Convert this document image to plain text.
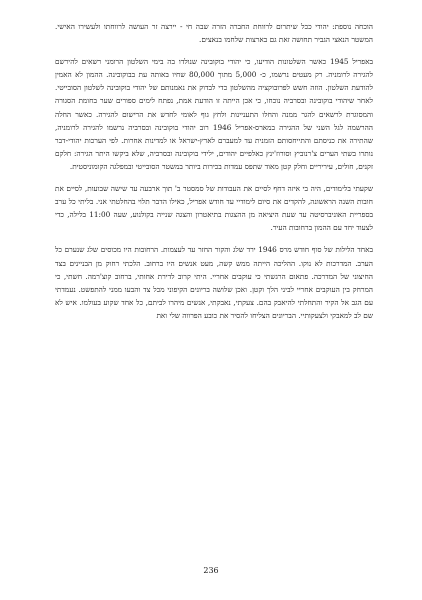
הוכחה נוספת: יהודי ככל שיתרום לרווחת החברה הזרה שבה חי - יירצה זר העושה לרווחתו ולעשירו האישי. המשטר הנאצי הגביר תחושה זאת גם בארצות שלחמו בנאצים.

באפריל 1945 כאשר השלטונות הודיעו, כי יהודי בוקובינה שנולדו בה בימי השלטון הרומני רשאים להירשם להגירה לרומניה. רק מעטים נרשמו, כ- 5,000 מתוך 80,000 שחיו באותה עת בבוקובינה. ההמון לא האמין להודעת השלטון. הוזה חשש לפרובוקציה מהשלטון כדי לבדוק את נאמנותם של יהודי בוקובינה לשלטון הסובייטי. לאחר שיהודי בוקובינה ובסרביה נוכחו, כי אכן הייתה זו הודעת אמת, נפתח לימים ספורים שער בחומת הסגורה והמסוגרת לרשאים להגר ממנה והחלו התעניינות ולחץ גוף לאומי לחדש את הרישום להגירה. כאשר החלה ההרשמה לגל השני של ההגירה במארס-אפריל 1946 רוב יהודי בוקובינה ובסרביה נרשמו להגירה לרומניה, שהתירה את כניסתם והתייחסותם הזמנית עד למעברם לארץ-ישראל או למדינות אחרות. לפי הערכות יהודי-דבר נותרו בשתי הערים צ'רנוביץ וסורוז'ינץ כאלפיים יהודים, ילידי בוקובינה ובסרביה, שלא ביקשו היתר הגירה: חלקם זקנים, חולים, עיריריים וחלק קטן מאוד שתפס עמדות בכירות ביותר במשטר הסובייטי ובמפלגה הקומוניסטית.

שקעתי בלימודים, היה בי איזה דחף לסיים את העבודות של סמסטר ב' תוך ארבעה עד שישה שבועות, לסיים את חובות השנה הראשונה, להקדים את סיום לימודיי עד חודש אפריל, כאילו הדבר תלוי בהחלטתי אני. בליתי כל ערב בספריית האוניברסיטה עד שעת היציאה מן ההצגות בתיאטרון והצגה שנייה בקולנוע, שעה 11:00 בלילה, כדי לצעוד יחד עם ההמון ברחובות העיר.

באחד הלילות של סוף חודש מרס 1946 ירד שלג והקור החזר עד לעצמות. הרחובות היו מכוסים שלג שנערם כל הערב. המדרכות לא נוקו. ההליכה הייתה ממש קשה, מעט אנשים היו ברחוב. הלכתי רחוק מן הבניינים בצד החיצוני של המדרכה. פתאום הרגשתי כי עוקבים אחריי. היתי קרוב לדירת אחותי, ברחוב קוצ'רמה. חשתי, כי המרחק בין העוקבים אחריי לביני הלך וקטן. ואכן שלושה בריונים הקיפוני מכל צד והבעו ממני להתפשט. נעמדתי עם הגב אל הקיר והתחלתי להיאבק בהם. צעקתי, נאבקתי, אנשים מיהרו לביתם, כל אחד שקוע בעולמו. איש לא שם לב למאבקי ולצעקותיי. הבריונים הצליחו להסיר את כובע הפרווה שלי ואת

236
